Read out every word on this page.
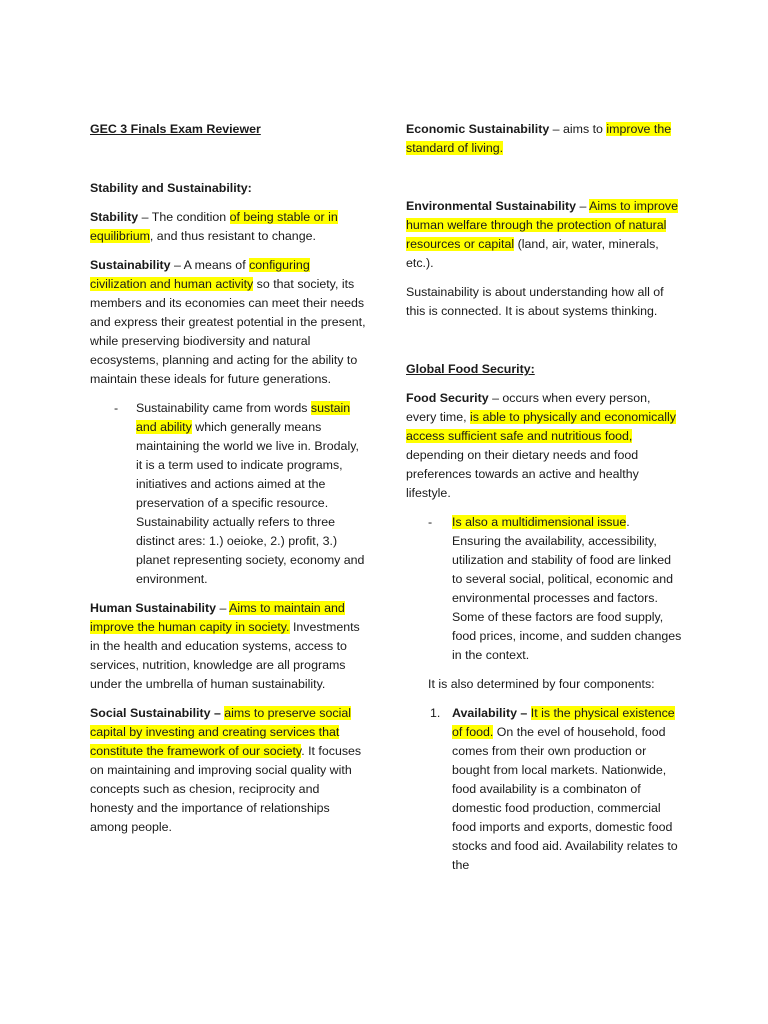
GEC 3 Finals Exam Reviewer

Stability and Sustainability:

Stability – The condition of being stable or in equilibrium, and thus resistant to change.

Sustainability – A means of configuring civilization and human activity so that society, its members and its economies can meet their needs and express their greatest potential in the present, while preserving biodiversity and natural ecosystems, planning and acting for the ability to maintain these ideals for future generations.

- Sustainability came from words sustain and ability which generally means maintaining the world we live in. Brodaly, it is a term used to indicate programs, initiatives and actions aimed at the preservation of a specific resource. Sustainability actually refers to three distinct ares: 1.) oeioke, 2.) profit, 3.) planet representing society, economy and environment.

Human Sustainability – Aims to maintain and improve the human capity in society. Investments in the health and education systems, access to services, nutrition, knowledge are all programs under the umbrella of human sustainability.

Social Sustainability – aims to preserve social capital by investing and creating services that constitute the framework of our society. It focuses on maintaining and improving social quality with concepts such as chesion, reciprocity and honesty and the importance of relationships among people.

Economic Sustainability – aims to improve the standard of living.

Environmental Sustainability – Aims to improve human welfare through the protection of natural resources or capital (land, air, water, minerals, etc.).

Sustainability is about understanding how all of this is connected. It is about systems thinking.

Global Food Security:

Food Security – occurs when every person, every time, is able to physically and economically access sufficient safe and nutritious food, depending on their dietary needs and food preferences towards an active and healthy lifestyle.

- Is also a multidimensional issue. Ensuring the availability, accessibility, utilization and stability of food are linked to several social, political, economic and environmental processes and factors. Some of these factors are food supply, food prices, income, and sudden changes in the context.

It is also determined by four components:

1. Availability – It is the physical existence of food. On the evel of household, food comes from their own production or bought from local markets. Nationwide, food availability is a combinaton of domestic food production, commercial food imports and exports, domestic food stocks and food aid. Availability relates to the
